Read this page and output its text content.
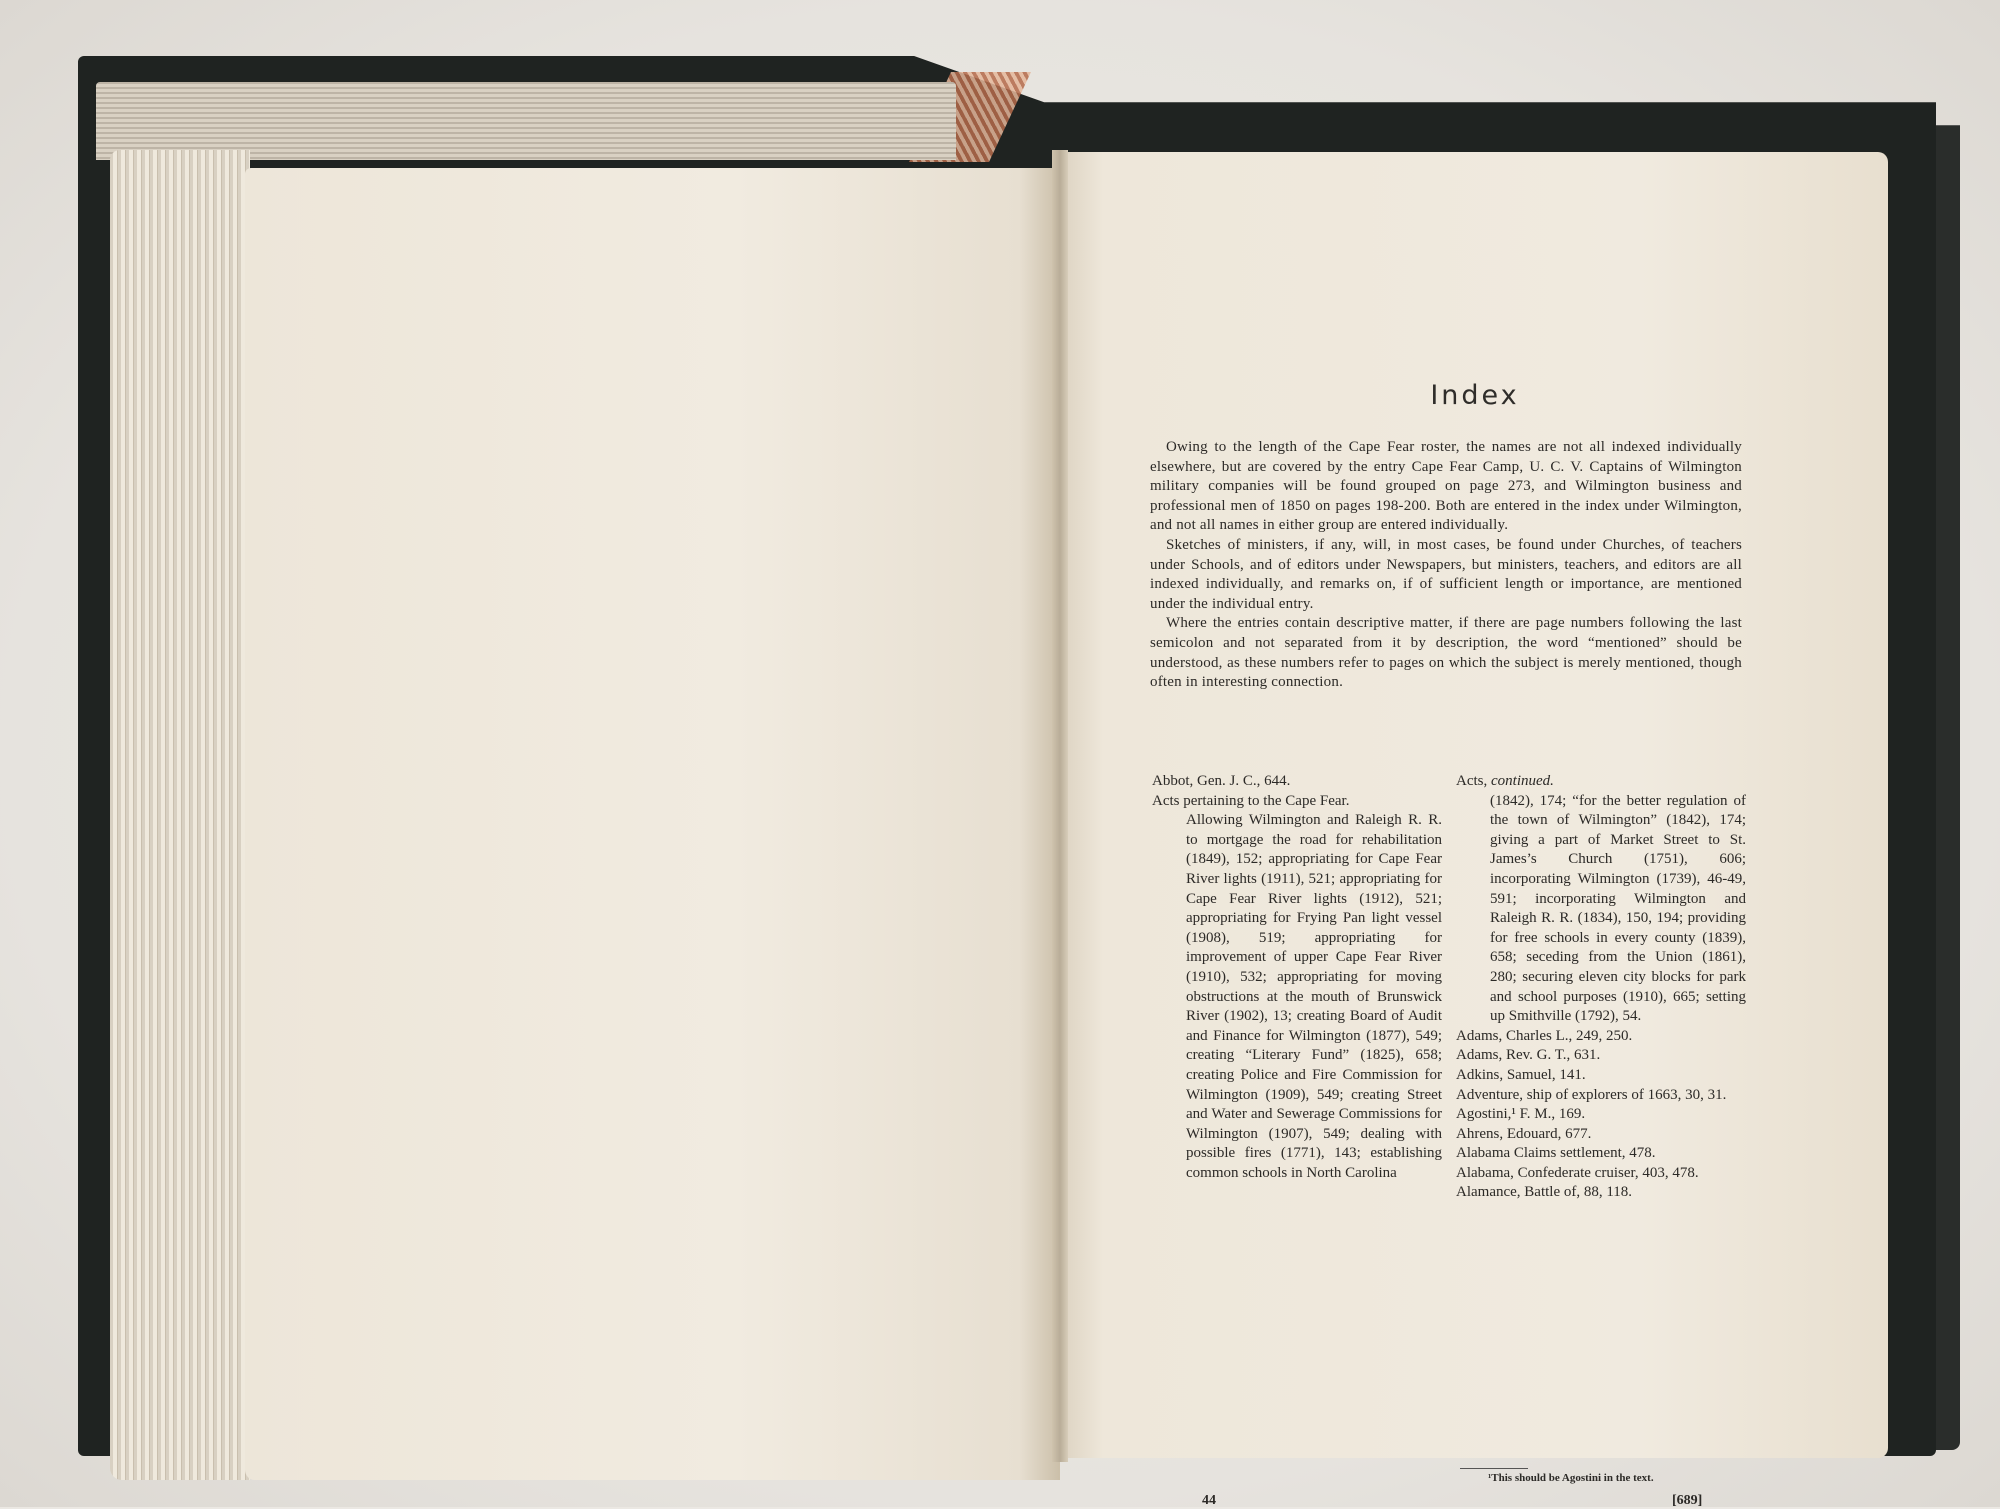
Index

Owing to the length of the Cape Fear roster, the names are not all indexed individually elsewhere, but are covered by the entry Cape Fear Camp, U. C. V. Captains of Wilmington military companies will be found grouped on page 273, and Wilmington business and professional men of 1850 on pages 198-200. Both are entered in the index under Wilmington, and not all names in either group are entered individually.

Sketches of ministers, if any, will, in most cases, be found under Churches, of teachers under Schools, and of editors under Newspapers, but ministers, teachers, and editors are all indexed individually, and remarks on, if of sufficient length or importance, are mentioned under the individual entry.

Where the entries contain descriptive matter, if there are page numbers following the last semicolon and not separated from it by description, the word “mentioned” should be understood, as these numbers refer to pages on which the subject is merely mentioned, though often in interesting connection.

Abbot, Gen. J. C., 644.

Acts pertaining to the Cape Fear.

Allowing Wilmington and Raleigh R. R. to mortgage the road for rehabilitation (1849), 152; appropriating for Cape Fear River lights (1911), 521; appropriating for Cape Fear River lights (1912), 521; appropriating for Frying Pan light vessel (1908), 519; appropriating for improvement of upper Cape Fear River (1910), 532; appropriating for moving obstructions at the mouth of Brunswick River (1902), 13; creating Board of Audit and Finance for Wilmington (1877), 549; creating “Literary Fund” (1825), 658; creating Police and Fire Commission for Wilmington (1909), 549; creating Street and Water and Sewerage Commissions for Wilmington (1907), 549; dealing with possible fires (1771), 143; establishing common schools in North Carolina

Acts, continued.

(1842), 174; “for the better regulation of the town of Wilmington” (1842), 174; giving a part of Market Street to St. James’s Church (1751), 606; incorporating Wilmington (1739), 46-49, 591; incorporating Wilmington and Raleigh R. R. (1834), 150, 194; providing for free schools in every county (1839), 658; seceding from the Union (1861), 280; securing eleven city blocks for park and school purposes (1910), 665; setting up Smithville (1792), 54.

Adams, Charles L., 249, 250.

Adams, Rev. G. T., 631.

Adkins, Samuel, 141.

Adventure, ship of explorers of 1663, 30, 31.

Agostini,¹ F. M., 169.

Ahrens, Edouard, 677.

Alabama Claims settlement, 478.

Alabama, Confederate cruiser, 403, 478.

Alamance, Battle of, 88, 118.

¹This should be Agostini in the text.
44	[689]
